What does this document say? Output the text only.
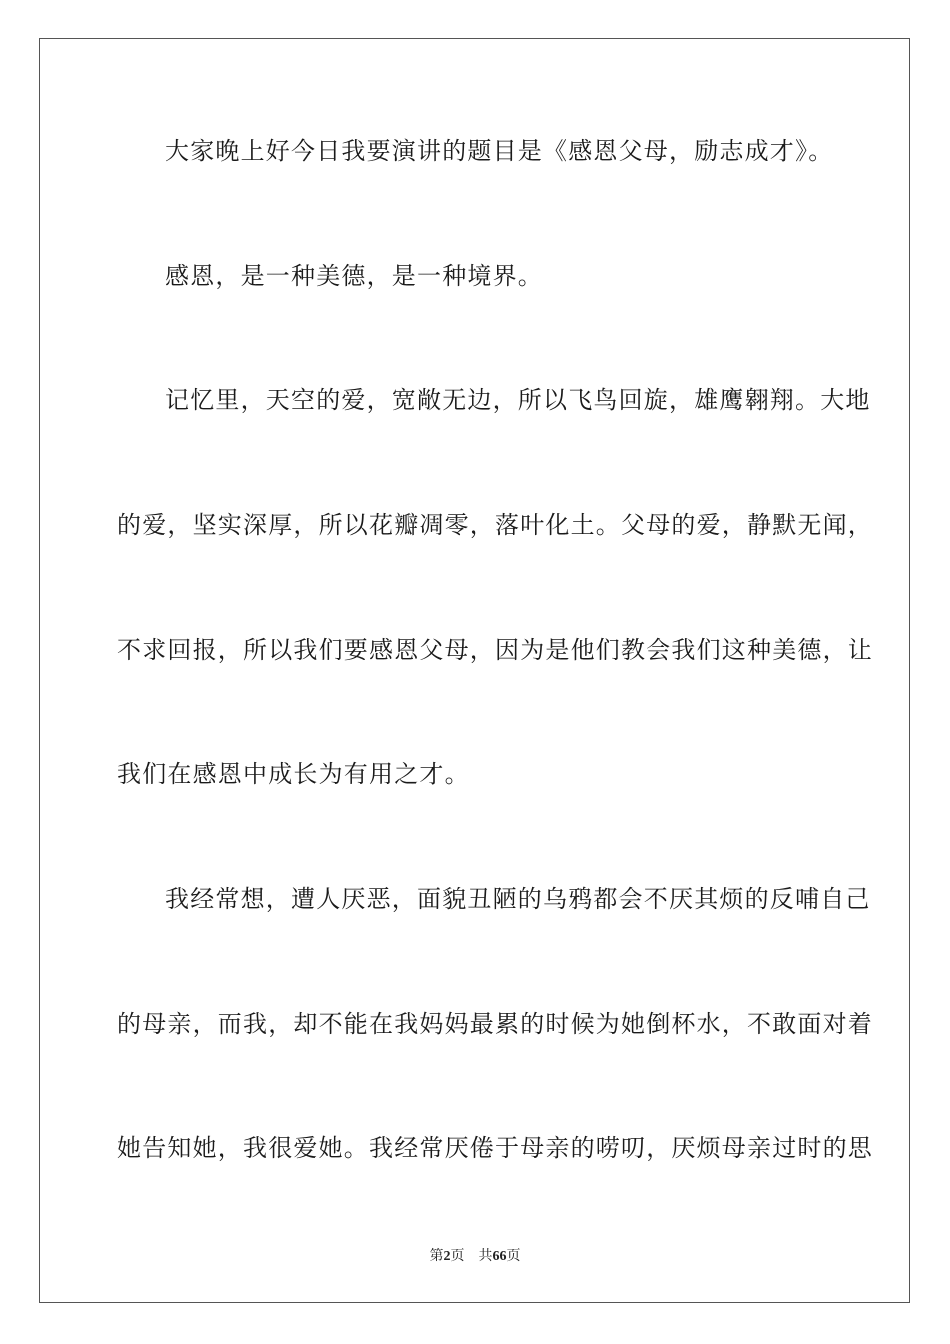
大家晚上好今日我要演讲的题目是《感恩父母，励志成才》。
感恩，是一种美德，是一种境界。
记忆里，天空的爱，宽敞无边，所以飞鸟回旋，雄鹰翱翔。大地
的爱，坚实深厚，所以花瓣凋零，落叶化土。父母的爱，静默无闻，
不求回报，所以我们要感恩父母，因为是他们教会我们这种美德，让
我们在感恩中成长为有用之才。
我经常想，遭人厌恶，面貌丑陋的乌鸦都会不厌其烦的反哺自己
的母亲，而我，却不能在我妈妈最累的时候为她倒杯水，不敢面对着
她告知她，我很爱她。我经常厌倦于母亲的唠叨，厌烦母亲过时的思
第2页 共66页
